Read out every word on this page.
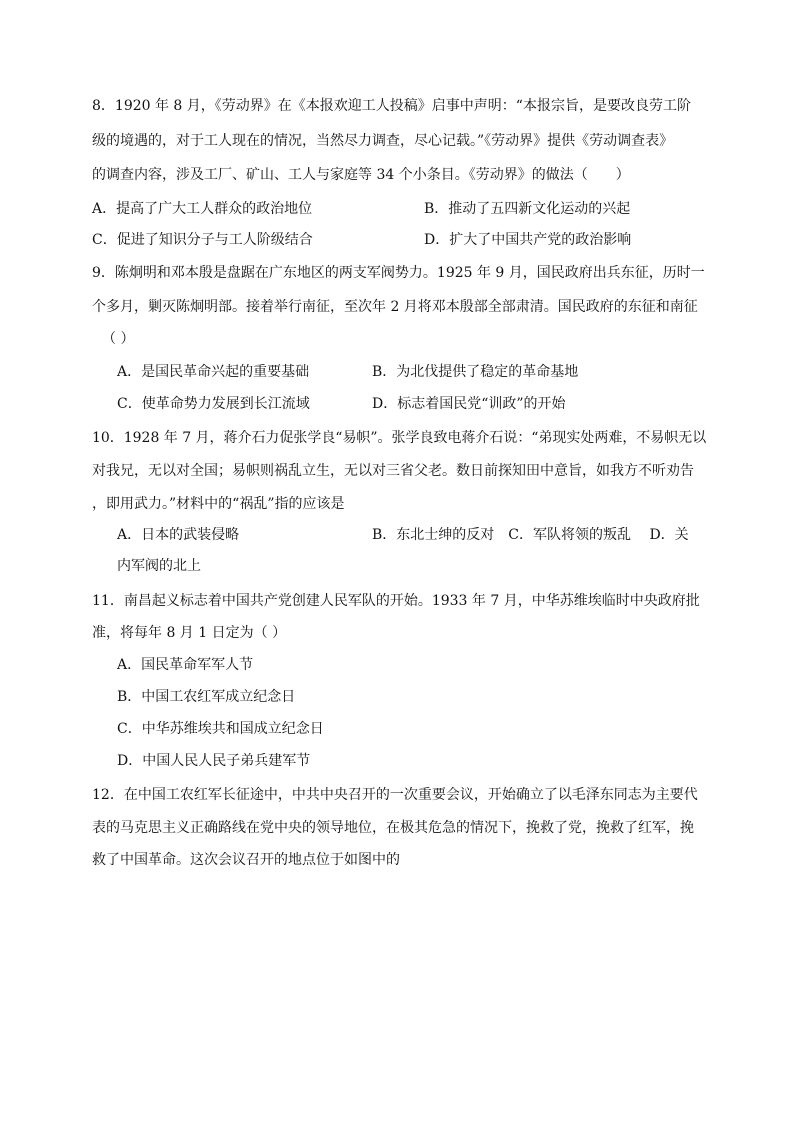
8．1920 年 8 月，《劳动界》在《本报欢迎工人投稿》启事中声明：“本报宗旨，是要改良劳工阶
级的境遇的，对于工人现在的情况，当然尽力调查，尽心记载。”《劳动界》提供《劳动调查表》
的调查内容，涉及工厂、矿山、工人与家庭等 34 个小条目。《劳动界》的做法（　　）
A．提高了广大工人群众的政治地位	B．推动了五四新文化运动的兴起
C．促进了知识分子与工人阶级结合	D．扩大了中国共产党的政治影响
9．陈炯明和邓本殷是盘踞在广东地区的两支军阀势力。1925 年 9 月，国民政府出兵东征，历时一
个多月，剿灭陈炯明部。接着举行南征，至次年 2 月将邓本殷部全部肃清。国民政府的东征和南征
（ ）
A．是国民革命兴起的重要基础	B．为北伐提供了稳定的革命基地
C．使革命势力发展到长江流域	D．标志着国民党“训政”的开始
10．1928 年 7 月，蒋介石力促张学良“易帜”。张学良致电蒋介石说：“弟现实处两难，不易帜无以
对我兄，无以对全国；易帜则祸乱立生，无以对三省父老。数日前探知田中意旨，如我方不听劝告
，即用武力。”材料中的“祸乱”指的应该是
A．日本的武装侵略	B．东北士绅的反对　C．军队将领的叛乱　 D．关
内军阀的北上
11．南昌起义标志着中国共产党创建人民军队的开始。1933 年 7 月，中华苏维埃临时中央政府批
准，将每年 8 月 1 日定为（ ）
A．国民革命军军人节
B．中国工农红军成立纪念日
C．中华苏维埃共和国成立纪念日
D．中国人民人民子弟兵建军节
12．在中国工农红军长征途中，中共中央召开的一次重要会议，开始确立了以毛泽东同志为主要代
表的马克思主义正确路线在党中央的领导地位，在极其危急的情况下，挽救了党，挽救了红军，挽
救了中国革命。这次会议召开的地点位于如图中的
